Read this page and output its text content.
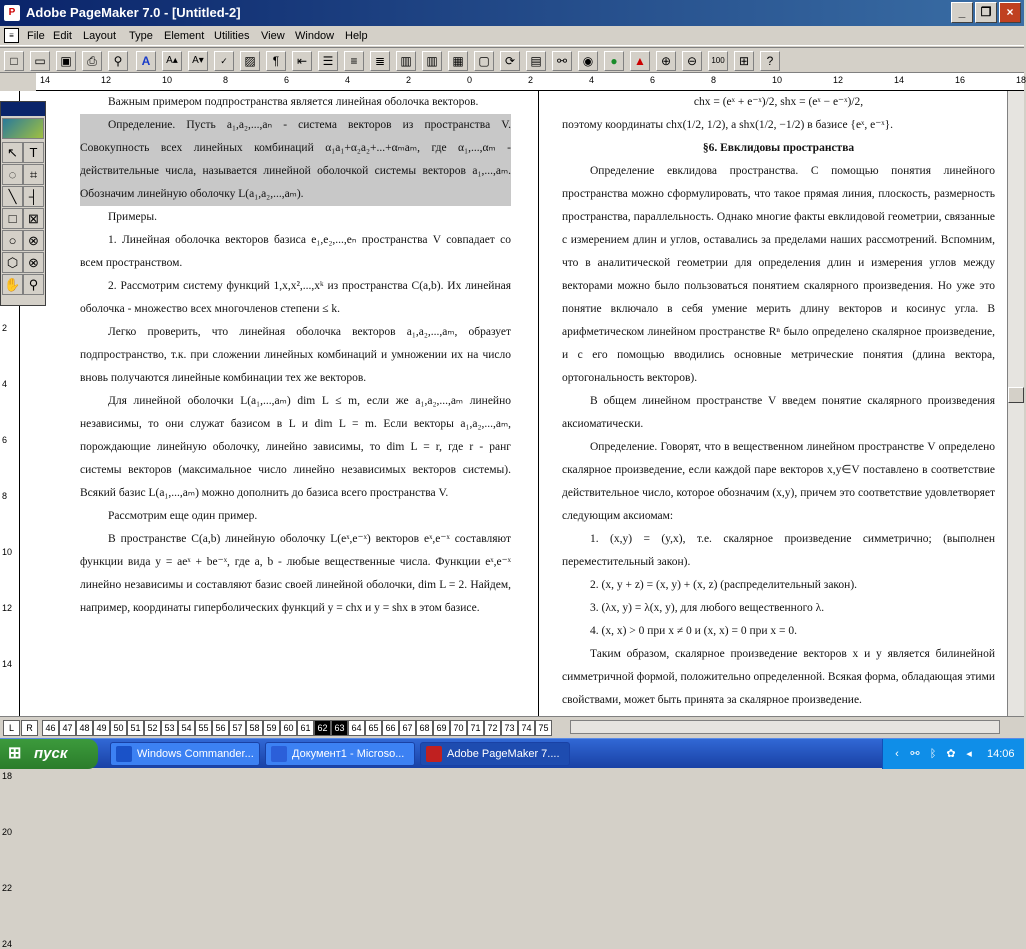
P Adobe PageMaker 7.0 - [Untitled-2]	_	❐	×
≡	File Edit Layout Type Element Utilities View Window Help
□	▭	▣	⎙	⚲	A	A▴	A▾	✓	▨	¶	⇤	☰	≡	≣	▥	▥	▦	▢	⟳	▤	⚯	◉	●	▲	⊕	⊖	100	⊞	?
14	12	10	8	6	4	2	0	2	4	6	8	10	12	14	16	18
2
4
6
8
10
12
14
18
20
22
24
Важным примером подпространства является линейная оболочка векторов.
Определение. Пусть a₁,a₂,...,aₙ - система векторов из пространства V. Совокупность всех линейных комбинаций α₁a₁+α₂a₂+...+αₘaₘ, где α₁,...,αₘ - действительные числа, называется линейной оболочкой системы векторов a₁,...,aₘ. Обозначим линейную оболочку L(a₁,a₂,...,aₘ).
Примеры.
1. Линейная оболочка векторов базиса e₁,e₂,...,eₙ пространства V совпадает со всем пространством.
2. Рассмотрим систему функций 1,x,x²,...,xᵏ из пространства C(a,b). Их линейная оболочка - множество всех многочленов степени ≤ k.
Легко проверить, что линейная оболочка векторов a₁,a₂,...,aₘ, образует подпространство, т.к. при сложении линейных комбинаций и умножении их на число вновь получаются линейные комбинации тех же векторов.
Для линейной оболочки L(a₁,...,aₘ) dim L ≤ m, если же a₁,a₂,...,aₘ линейно независимы, то они служат базисом в L и dim L = m. Если векторы a₁,a₂,...,aₘ, порождающие линейную оболочку, линейно зависимы, то dim L = r, где r - ранг системы векторов (максимальное число линейно независимых векторов системы). Всякий базис L(a₁,...,aₘ) можно дополнить до базиса всего пространства V.
Рассмотрим еще один пример.
В пространстве C(a,b) линейную оболочку L(eˣ,e⁻ˣ) векторов eˣ,e⁻ˣ составляют функции вида y = aeˣ + be⁻ˣ, где a, b - любые вещественные числа. Функции eˣ,e⁻ˣ линейно независимы и составляют базис своей линейной оболочки, dim L = 2. Найдем, например, координаты гиперболических функций y = chx и y = shx в этом базисе.
chx = (eˣ + e⁻ˣ)/2, shx = (eˣ − e⁻ˣ)/2,
поэтому координаты chx(1/2, 1/2), а shx(1/2, −1/2) в базисе {eˣ, e⁻ˣ}.
§6. Евклидовы пространства
Определение евклидова пространства. С помощью понятия линейного пространства можно сформулировать, что такое прямая линия, плоскость, размерность пространства, параллельность. Однако многие факты евклидовой геометрии, связанные с измерением длин и углов, оставались за пределами наших рассмотрений. Вспомним, что в аналитической геометрии для определения длин и измерения углов между векторами можно было пользоваться понятием скалярного произведения. Но уже это понятие включало в себя умение мерить длину векторов и косинус угла. В арифметическом линейном пространстве Rⁿ было определено скалярное произведение, и с его помощью вводились основные метрические понятия (длина вектора, ортогональность векторов).
В общем линейном пространстве V введем понятие скалярного произведения аксиоматически.
Определение. Говорят, что в вещественном линейном пространстве V определено скалярное произведение, если каждой паре векторов x,y∈V поставлено в соответствие действительное число, которое обозначим (x,y), причем это соответствие удовлетворяет следующим аксиомам:
1. (x,y) = (y,x), т.е. скалярное произведение симметрично; (выполнен переместительный закон).
2. (x, y + z) = (x, y) + (x, z) (распределительный закон).
3. (λx, y) = λ(x, y), для любого вещественного λ.
4. (x, x) > 0 при x ≠ 0 и (x, x) = 0 при x = 0.
Таким образом, скалярное произведение векторов x и y является билинейной симметричной формой, положительно определенной. Всякая форма, обладающая этими свойствами, может быть принята за скалярное произведение.
↖ T
◌	⌗
╲ ┤
□ ⊠
○ ⊗
⬡ ⊗
✋ ⚲
L	R	46 47 48 49 50 51 52 53 54 55 56 57 58 59 60 61 62 63 64 65 66 67 68 69 70 71 72 73 74 75
⊞ пуск	Windows Commander...	Документ1 - Microso...	Adobe PageMaker 7....	‹	⚯ ᛒ ✿ ◂	14:06
